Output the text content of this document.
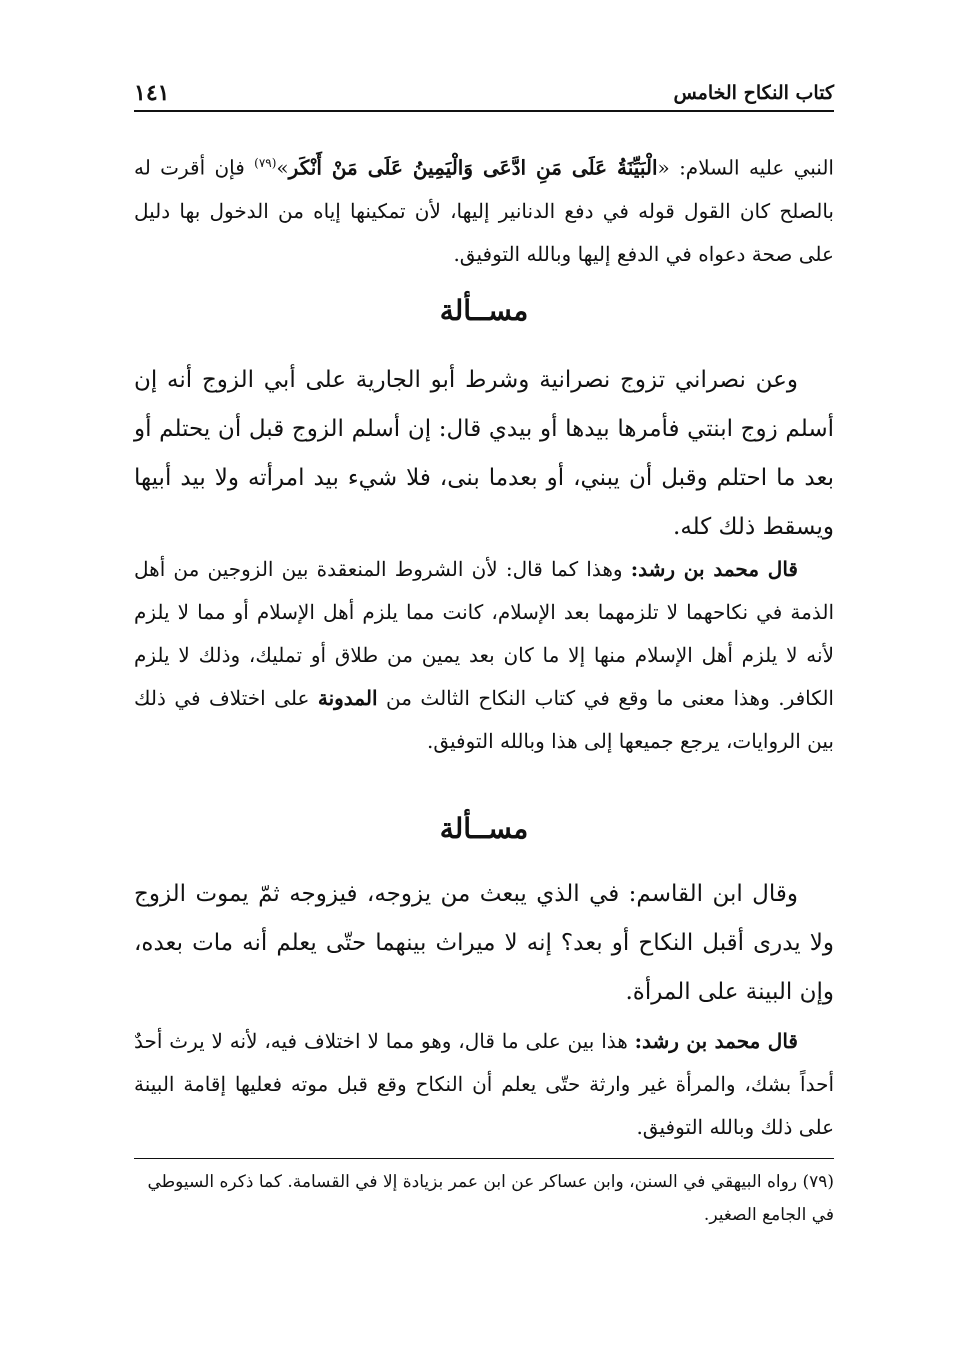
كتاب النكاح الخامس
١٤١
النبي عليه السلام: «الْبَيِّنَةُ عَلَى مَنِ ادَّعَى وَالْيَمِينُ عَلَى مَنْ أَنْكَر»$^{(٧٩)}$ فإن أقرت له بالصلح كان القول قوله في دفع الدنانير إليها، لأن تمكينها إياه من الدخول بها دليل على صحة دعواه في الدفع إليها وبالله التوفيق.
مســألة
وعن نصراني تزوج نصرانية وشرط أبو الجارية على أبي الزوج أنه إن أسلم زوج ابنتي فأمرها بيدها أو بيدي قال: إن أسلم الزوج قبل أن يحتلم أو بعد ما احتلم وقبل أن يبني، أو بعدما بنى، فلا شيء بيد امرأته ولا بيد أبيها ويسقط ذلك كله.
قال محمد بن رشد: وهذا كما قال: لأن الشروط المنعقدة بين الزوجين من أهل الذمة في نكاحهما لا تلزمهما بعد الإسلام، كانت مما يلزم أهل الإسلام أو مما لا يلزم لأنه لا يلزم أهل الإسلام منها إلا ما كان بعد يمين من طلاق أو تمليك، وذلك لا يلزم الكافر. وهذا معنى ما وقع في كتاب النكاح الثالث من المدونة على اختلاف في ذلك بين الروايات، يرجع جميعها إلى هذا وبالله التوفيق.
مســألة
وقال ابن القاسم: في الذي يبعث من يزوجه، فيزوجه ثمّ يموت الزوج ولا يدرى أقبل النكاح أو بعد؟ إنه لا ميراث بينهما حتّى يعلم أنه مات بعده، وإن البينة على المرأة.
قال محمد بن رشد: هذا بين على ما قال، وهو مما لا اختلاف فيه، لأنه لا يرث أحدٌ أحداً بشك، والمرأة غير وارثة حتّى يعلم أن النكاح وقع قبل موته فعليها إقامة البينة على ذلك وبالله التوفيق.
(٧٩) رواه البيهقي في السنن، وابن عساكر عن ابن عمر بزيادة إلا في القسامة. كما ذكره السيوطي في الجامع الصغير.
